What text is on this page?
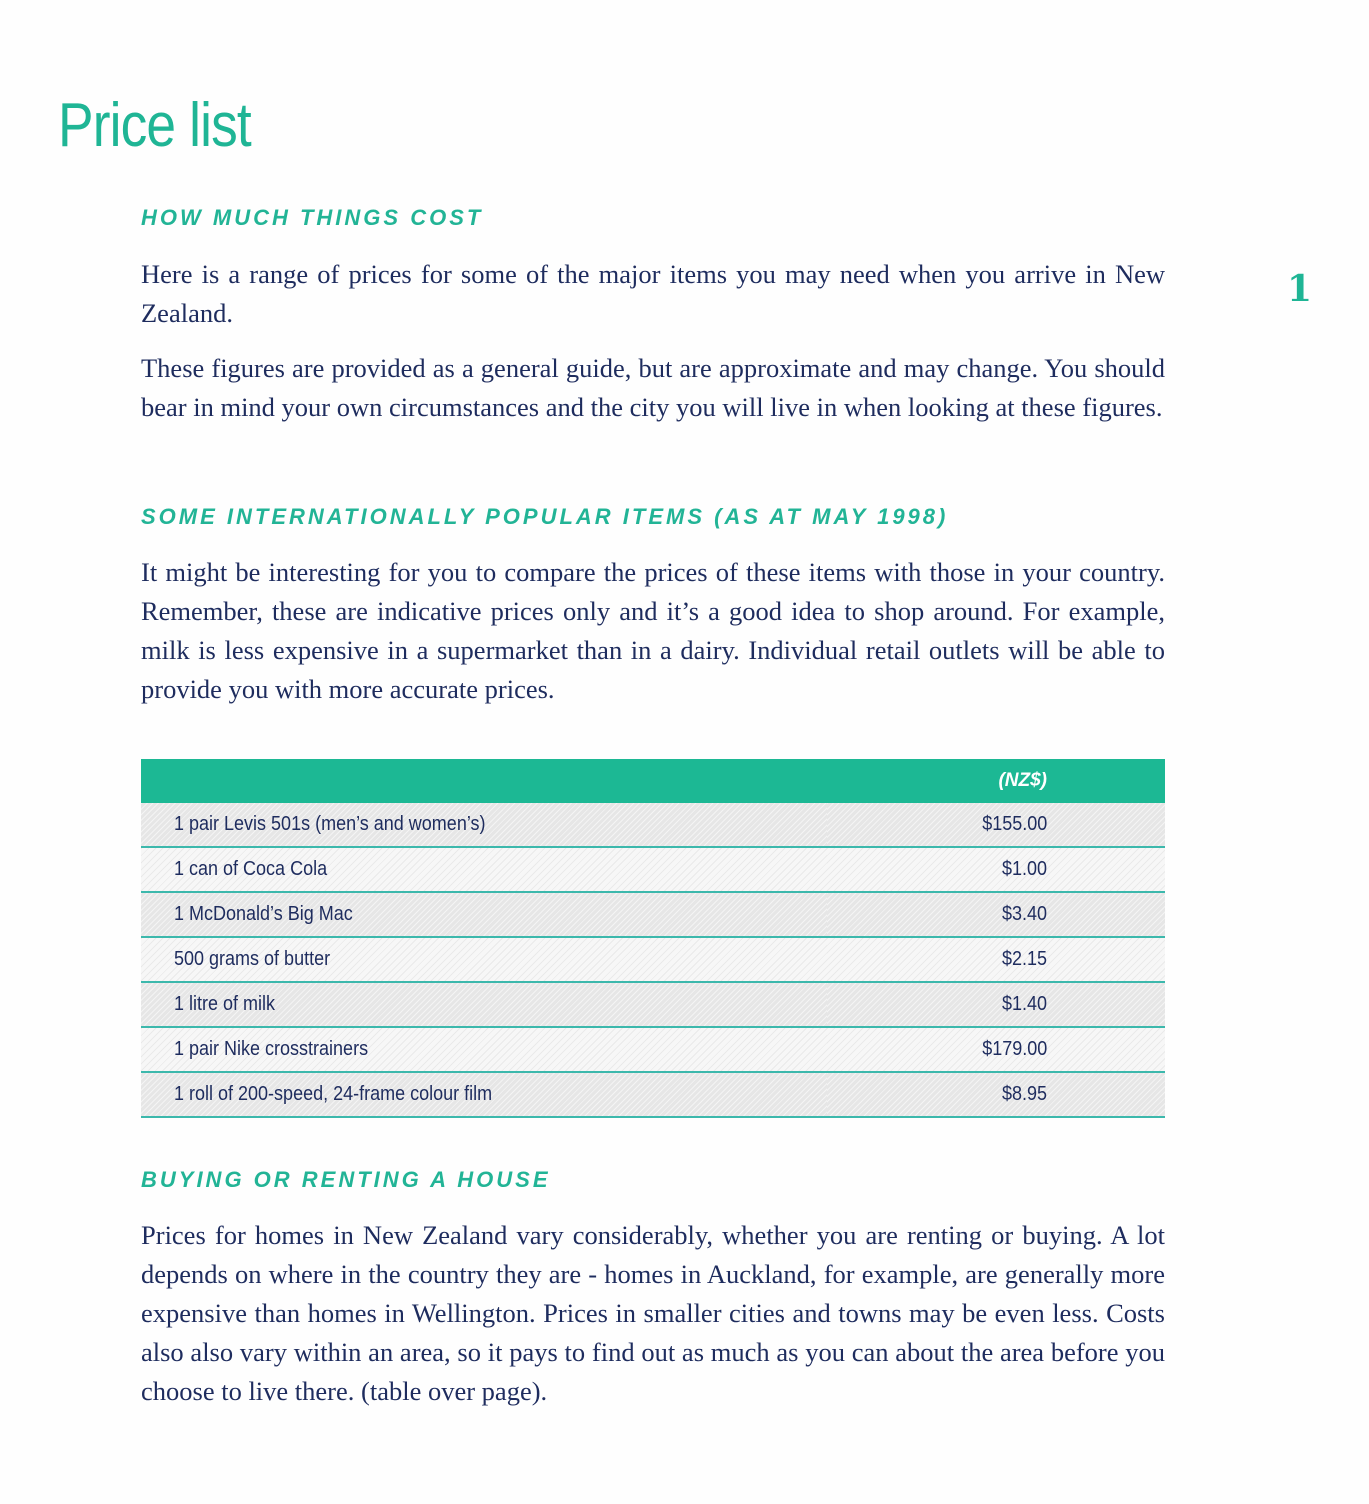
Price list
1
HOW MUCH THINGS COST

Here is a range of prices for some of the major items you may need when you arrive in New Zealand.

These figures are provided as a general guide, but are approximate and may change. You should bear in mind your own circumstances and the city you will live in when looking at these figures.

SOME INTERNATIONALLY POPULAR ITEMS (AS AT MAY 1998)

It might be interesting for you to compare the prices of these items with those in your country. Remember, these are indicative prices only and it’s a good idea to shop around. For example, milk is less expensive in a supermarket than in a dairy. Individual retail outlets will be able to provide you with more accurate prices.

	(NZ$)
1 pair Levis 501s (men’s and women’s)	$155.00
1 can of Coca Cola	$1.00
1 McDonald’s Big Mac	$3.40
500 grams of butter	$2.15
1 litre of milk	$1.40
1 pair Nike crosstrainers	$179.00
1 roll of 200-speed, 24-frame colour film	$8.95
BUYING OR RENTING A HOUSE

Prices for homes in New Zealand vary considerably, whether you are renting or buying. A lot depends on where in the country they are - homes in Auckland, for example, are generally more expensive than homes in Wellington. Prices in smaller cities and towns may be even less. Costs also also vary within an area, so it pays to find out as much as you can about the area before you choose to live there. (table over page).
